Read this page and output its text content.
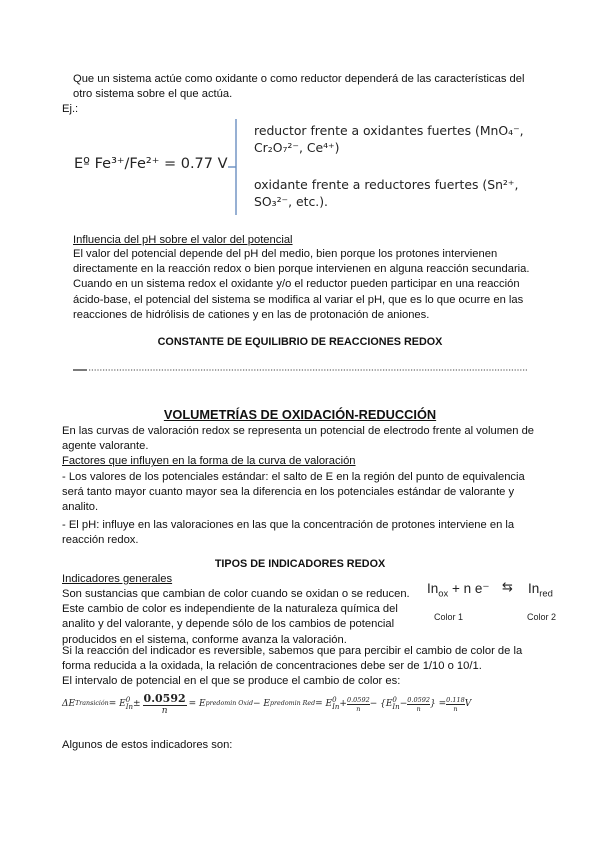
Que un sistema actúe como oxidante o como reductor dependerá de las características del
otro sistema sobre el que actúa.
Ej.:
Eº Fe³⁺/Fe²⁺ = 0.77 V
reductor frente a oxidantes fuertes (MnO₄⁻,
Cr₂O₇²⁻, Ce⁴⁺)
oxidante frente a reductores fuertes (Sn²⁺,
SO₃²⁻, etc.).
Influencia del pH sobre el valor del potencial
El valor del potencial depende del pH del medio, bien porque los protones intervienen
directamente en la reacción redox o bien porque intervienen en alguna reacción secundaria.
Cuando en un sistema redox el oxidante y/o el reductor pueden participar en una reacción
ácido-base, el potencial del sistema se modifica al variar el pH, que es lo que ocurre en las
reacciones de hidrólisis de cationes y en las de protonación de aniones.
CONSTANTE DE EQUILIBRIO DE REACCIONES REDOX
VOLUMETRÍAS DE OXIDACIÓN-REDUCCIÓN
En las curvas de valoración redox se representa un potencial de electrodo frente al volumen de
agente valorante.
Factores que influyen en la forma de la curva de valoración
- Los valores de los potenciales estándar: el salto de E en la región del punto de equivalencia
será tanto mayor cuanto mayor sea la diferencia en los potenciales estándar de valorante y
analito.
- El pH: influye en las valoraciones en las que la concentración de protones interviene en la
reacción redox.
TIPOS DE INDICADORES REDOX
Indicadores generales
Son sustancias que cambian de color cuando se oxidan o se reducen.
Este cambio de color es independiente de la naturaleza química del
analito y del valorante, y depende sólo de los cambios de potencial
producidos en el sistema, conforme avanza la valoración.
$In_{ox} + n$ e⁻ ⇆ $In_{red}$
Color 1	Color 2
Si la reacción del indicador es reversible, sabemos que para percibir el cambio de color de la
forma reducida a la oxidada, la relación de concentraciones debe ser de 1/10 o 10/1.
El intervalo de potencial en el que se produce el cambio de color es:
ΔE Transición = E 0
In ± 0.0592
n
= E predomin Oxid − E predomin Red = E 0
$In + \frac{0.0592}{n} - \{E$ 0
$In - \frac{0.0592}{n}$ } = $\frac{0.118}{n}$ V
Algunos de estos indicadores son:
